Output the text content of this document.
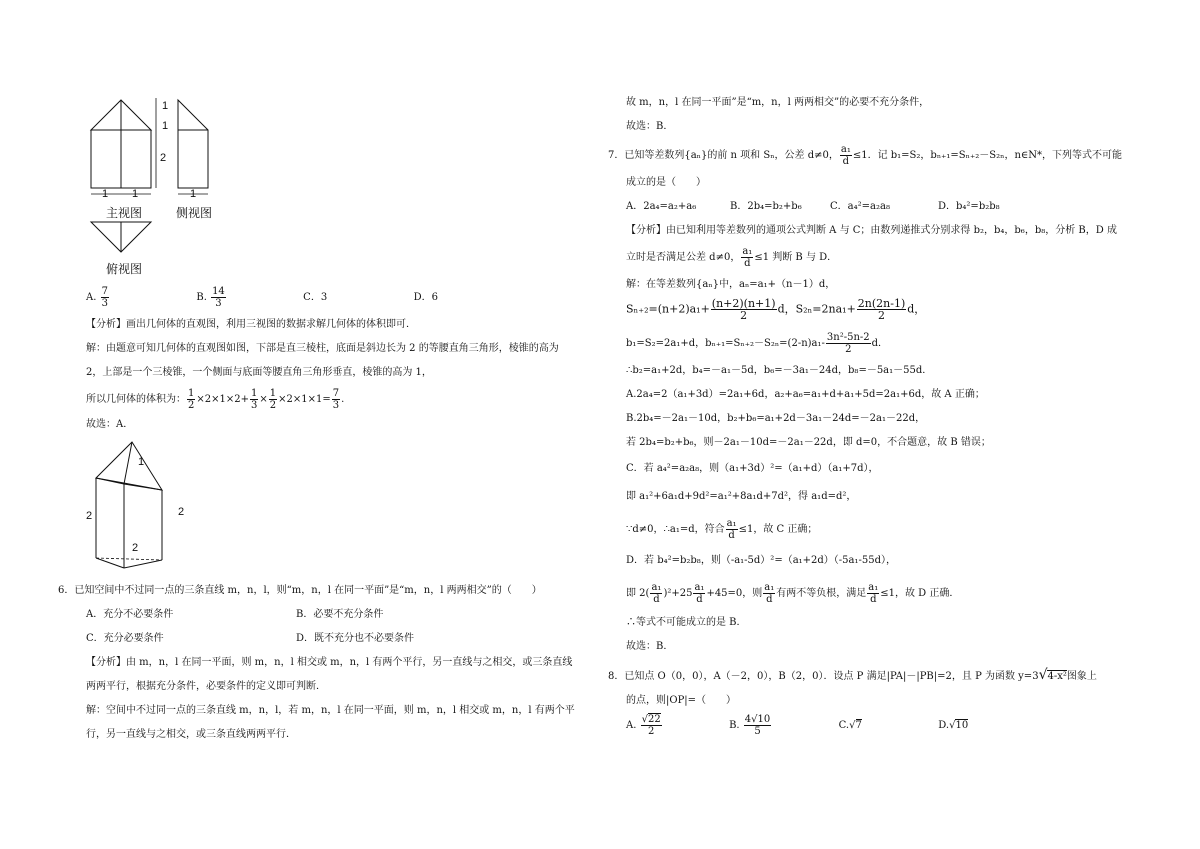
1
1
2
1 1	1
主视图	侧视图
俯视图
A. $\frac{7}{3}$	B. $\frac{14}{3}$	C．3	D．6
【分析】画出几何体的直观图，利用三视图的数据求解几何体的体积即可．
解：由题意可知几何体的直观图如图，下部是直三棱柱，底面是斜边长为 2 的等腰直角三角形，棱锥的高为
2，上部是一个三棱锥，一个侧面与底面等腰直角三角形垂直，棱锥的高为 1，
所以几何体的体积为： $\frac{1}{2} \times 2\times 1\times 2+ \frac{1}{3} \times \frac{1}{2} \times 2\times 1\times 1= \frac{7}{3}$ .
故选：A．
1
2	2
2
6．已知空间中不过同一点的三条直线 m，n，l，则“m，n，l 在同一平面”是“m，n，l 两两相交”的（　　）
A．充分不必要条件	B．必要不充分条件
C．充分必要条件	D．既不充分也不必要条件
【分析】由 m，n，l 在同一平面，则 m，n，l 相交或 m，n，l 有两个平行，另一直线与之相交，或三条直线
两两平行，根据充分条件，必要条件的定义即可判断．
解：空间中不过同一点的三条直线 m，n，l，若 m，n，l 在同一平面，则 m，n，l 相交或 m，n，l 有两个平
行，另一直线与之相交，或三条直线两两平行．
故 m，n，l 在同一平面”是“m，n，l 两两相交”的必要不充分条件，
故选：B．
7．已知等差数列{aₙ}的前 n 项和 Sₙ，公差 d≠0， $\frac{\text{a₁}}{d} \le 1$．记 b₁=S₂，bₙ₊₁=Sₙ₊₂－S₂ₙ，n∈N*，下列等式不可能
成立的是（　　）
A．2a₄=a₂+a₆	B．2b₄=b₂+b₆	C．a₄²=a₂a₈	D．b₄²=b₂b₈
【分析】由已知利用等差数列的通项公式判断 A 与 C；由数列递推式分别求得 b₂，b₄，b₆，b₈，分析 B，D 成
立时是否满足公差 d≠0， $\frac{\text{a₁}}{d} \le 1$ 判断 B 与 D．
解：在等差数列{aₙ}中，aₙ=a₁+（n－1）d，
$S_{n+2}=(n+2)a_1+ \frac{(n+2)(n+1)}{2}$ d，$S_{2n}=2na_1+ \frac{2n(2n-1)}{2}$ d，
b₁=S₂=2a₁+d，$b_{n+1}=S_{n+2}-S_{2n}=(2-n)a_1- \frac{\text{3n²-5n-2}}{2}$ d．
∴b₂=a₁+2d，b₄=－a₁－5d，b₆=－3a₁－24d，b₈=－5a₁－55d．
A.2a₄=2（a₁+3d）=2a₁+6d，a₂+a₆=a₁+d+a₁+5d=2a₁+6d，故 A 正确；
B.2b₄=－2a₁－10d，b₂+b₆=a₁+2d－3a₁－24d=－2a₁－22d，
若 2b₄=b₂+b₆，则－2a₁－10d=－2a₁－22d，即 d=0，不合题意，故 B 错误；
C．若 a₄²=a₂a₈，则（a₁+3d）²=（a₁+d）（a₁+7d），
即 a₁²+6a₁d+9d²=a₁²+8a₁d+7d²，得 a₁d=d²，
∵d≠0，∴a₁=d，符合 $\frac{\text{a₁}}{d} \le 1$，故 C 正确；
D．若 b₄²=b₂b₈，则（-a₁-5d）²=（a₁+2d）（-5a₁-55d），
即 $2( \frac{\text{a₁}}{d} )^2+25 \frac{\text{a₁}}{d} +45=0$，则 $\frac{\text{a₁}}{d}$ 有两不等负根，满足 $\frac{\text{a₁}}{d} \le 1$，故 D 正确．
∴等式不可能成立的是 B．
故选：B．
8．已知点 O（0，0），A（－2，0），B（2，0）．设点 P 满足|PA|－|PB|=2，且 P 为函数 y=3√4-x²图象上
的点，则|OP|=（　　）
A. $\frac{√22}{2}$	B. $\frac{4√10}{5}$	C.√7	D.√10
